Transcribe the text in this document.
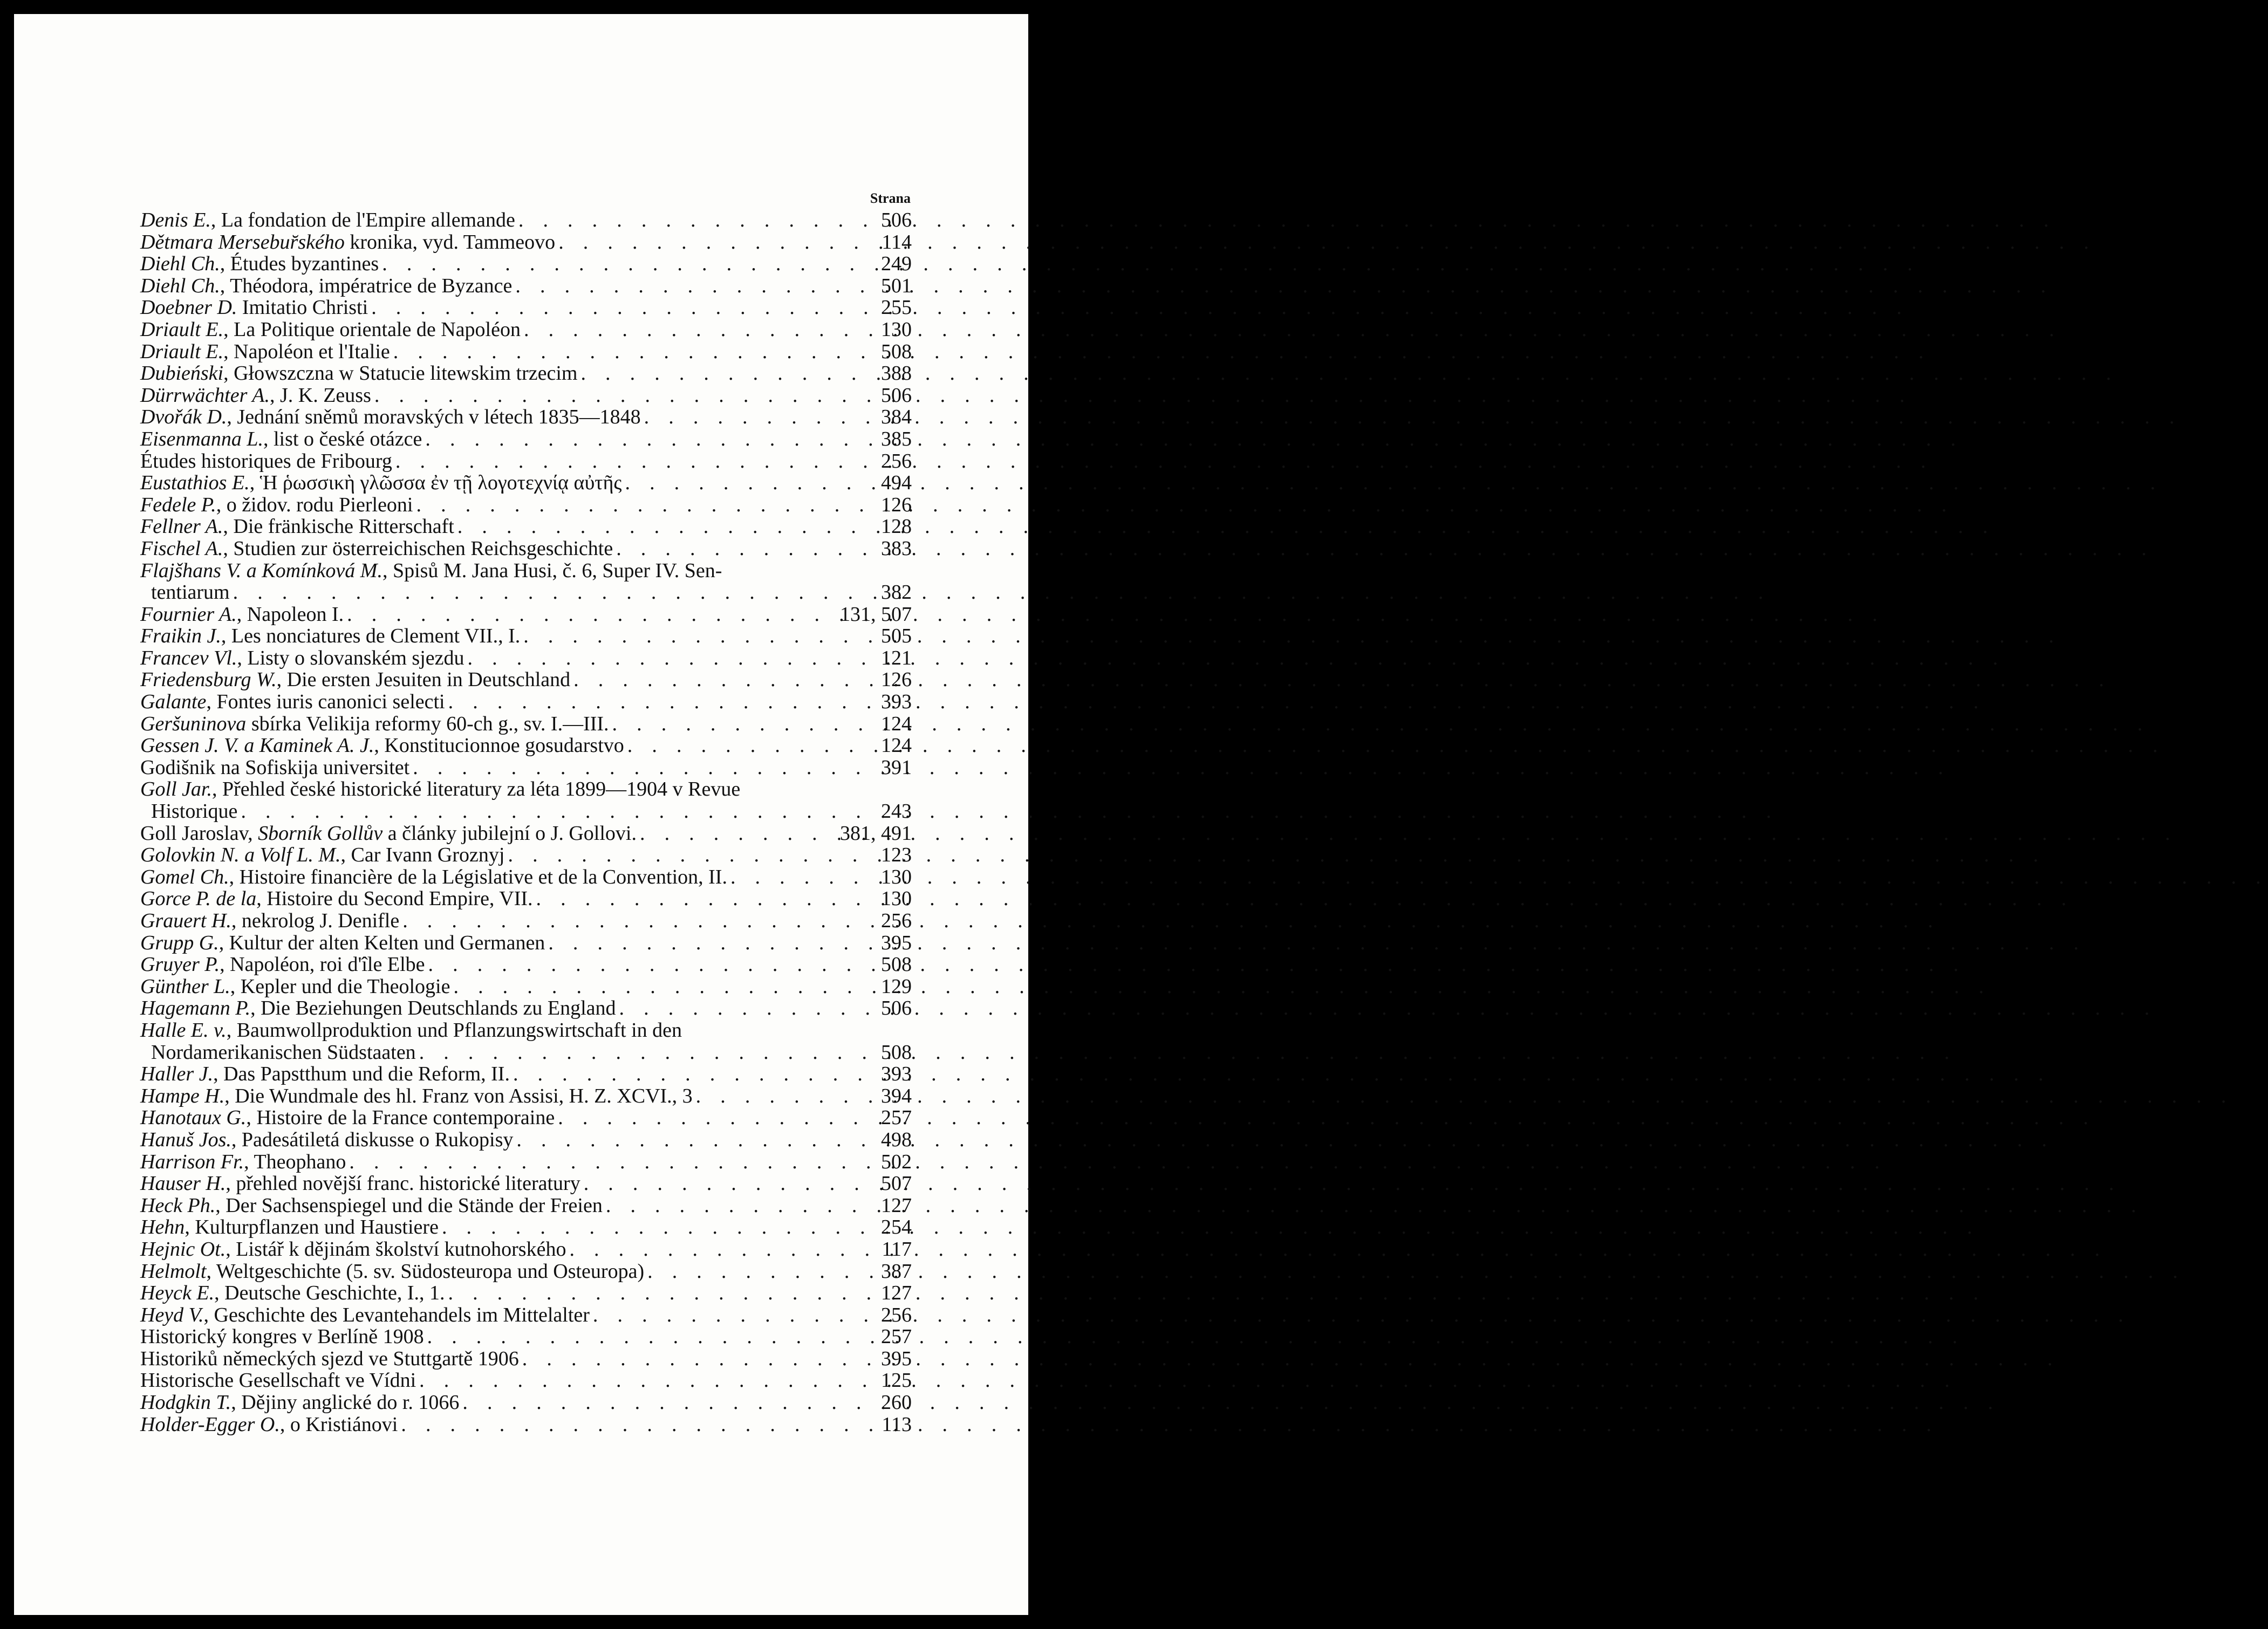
Strana
Denis E., La fondation de l'Empire allemande . . .	506
Dětmara Mersebur̆ského kronika, vyd. Tammeovo . . .	114
Diehl Ch., Études byzantines . . .	249
Diehl Ch., Théodora, impératrice de Byzance . . .	501
Doebner D. Imitatio Christi . . .	255
Driault E., La Politique orientale de Napoléon . . .	130
Driault E., Napoléon et l'Italie . . .	508
Dubieński, Głowszczna w Statucie litewskim trzecim . . .	388
Dürrwächter A., J. K. Zeuss . . .	506
Dvořák D., Jednání sněmů moravských v létech 1835—1848 . . .	384
Eisenmanna L., list o české otázce . . .	385
Études historiques de Fribourg . . .	256
Eustathios E., Ἡ ῥωσσικὴ γλῶσσα ἐν τῇ λογοτεχνίᾳ αὐτῆς . . .	494
Fedele P., o židov. rodu Pierleoni . . .	126
Fellner A., Die fränkische Ritterschaft . . .	128
Fischel A., Studien zur österreichischen Reichsgeschichte . . .	383
Flajšhans V. a Komínková M., Spisů M. Jana Husi, č. 6, Super IV. Sen-
tentiarum . . .	382
Fournier A., Napoleon I. . . .	131, 507
Fraikin J., Les nonciatures de Clement VII., I. . . .	505
Francev Vl., Listy o slovanském sjezdu . . .	121
Friedensburg W., Die ersten Jesuiten in Deutschland . . .	126
Galante, Fontes iuris canonici selecti . . .	393
Geršuninova sbírka Velikija reformy 60-ch g., sv. I.—III. . . .	124
Gessen J. V. a Kaminek A. J., Konstitucionnoe gosudarstvo . . .	124
Godišnik na Sofiskija universitet . . .	391
Goll Jar., Přehled české historické literatury za léta 1899—1904 v Revue
Historique . . .	243
Goll Jaroslav, Sborník Gollův a články jubilejní o J. Gollovi. . . .	381, 491
Golovkin N. a Volf L. M., Car Ivann Groznyj . . .	123
Gomel Ch., Histoire financière de la Législative et de la Convention, II. . . .	130
Gorce P. de la, Histoire du Second Empire, VII. . . .	130
Grauert H., nekrolog J. Denifle . . .	256
Grupp G., Kultur der alten Kelten und Germanen . . .	395
Gruyer P., Napoléon, roi d'île Elbe . . .	508
Günther L., Kepler und die Theologie . . .	129
Hagemann P., Die Beziehungen Deutschlands zu England . . .	506
Halle E. v., Baumwollproduktion und Pflanzungswirtschaft in den
Nordamerikanischen Südstaaten . . .	508
Haller J., Das Papstthum und die Reform, II. . . .	393
Hampe H., Die Wundmale des hl. Franz von Assisi, H. Z. XCVI., 3 . . .	394
Hanotaux G., Histoire de la France contemporaine . . .	257
Hanuš Jos., Padesátiletá diskusse o Rukopisy . . .	498
Harrison Fr., Theophano . . .	502
Hauser H., přehled novější franc. historické literatury . . .	507
Heck Ph., Der Sachsenspiegel und die Stände der Freien . . .	127
Hehn, Kulturpflanzen und Haustiere . . .	254
Hejnic Ot., Listář k dějinám školství kutnohorského . . .	117
Helmolt, Weltgeschichte (5. sv. Südosteuropa und Osteuropa) . . .	387
Heyck E., Deutsche Geschichte, I., 1. . . .	127
Heyd V., Geschichte des Levantehandels im Mittelalter . . .	256
Historický kongres v Berlíně 1908 . . .	257
Historiků německých sjezd ve Stuttgartě 1906 . . .	395
Historische Gesellschaft ve Vídni . . .	125
Hodgkin T., Dějiny anglické do r. 1066 . . .	260
Holder-Egger O., o Kristiánovi . . .	113
